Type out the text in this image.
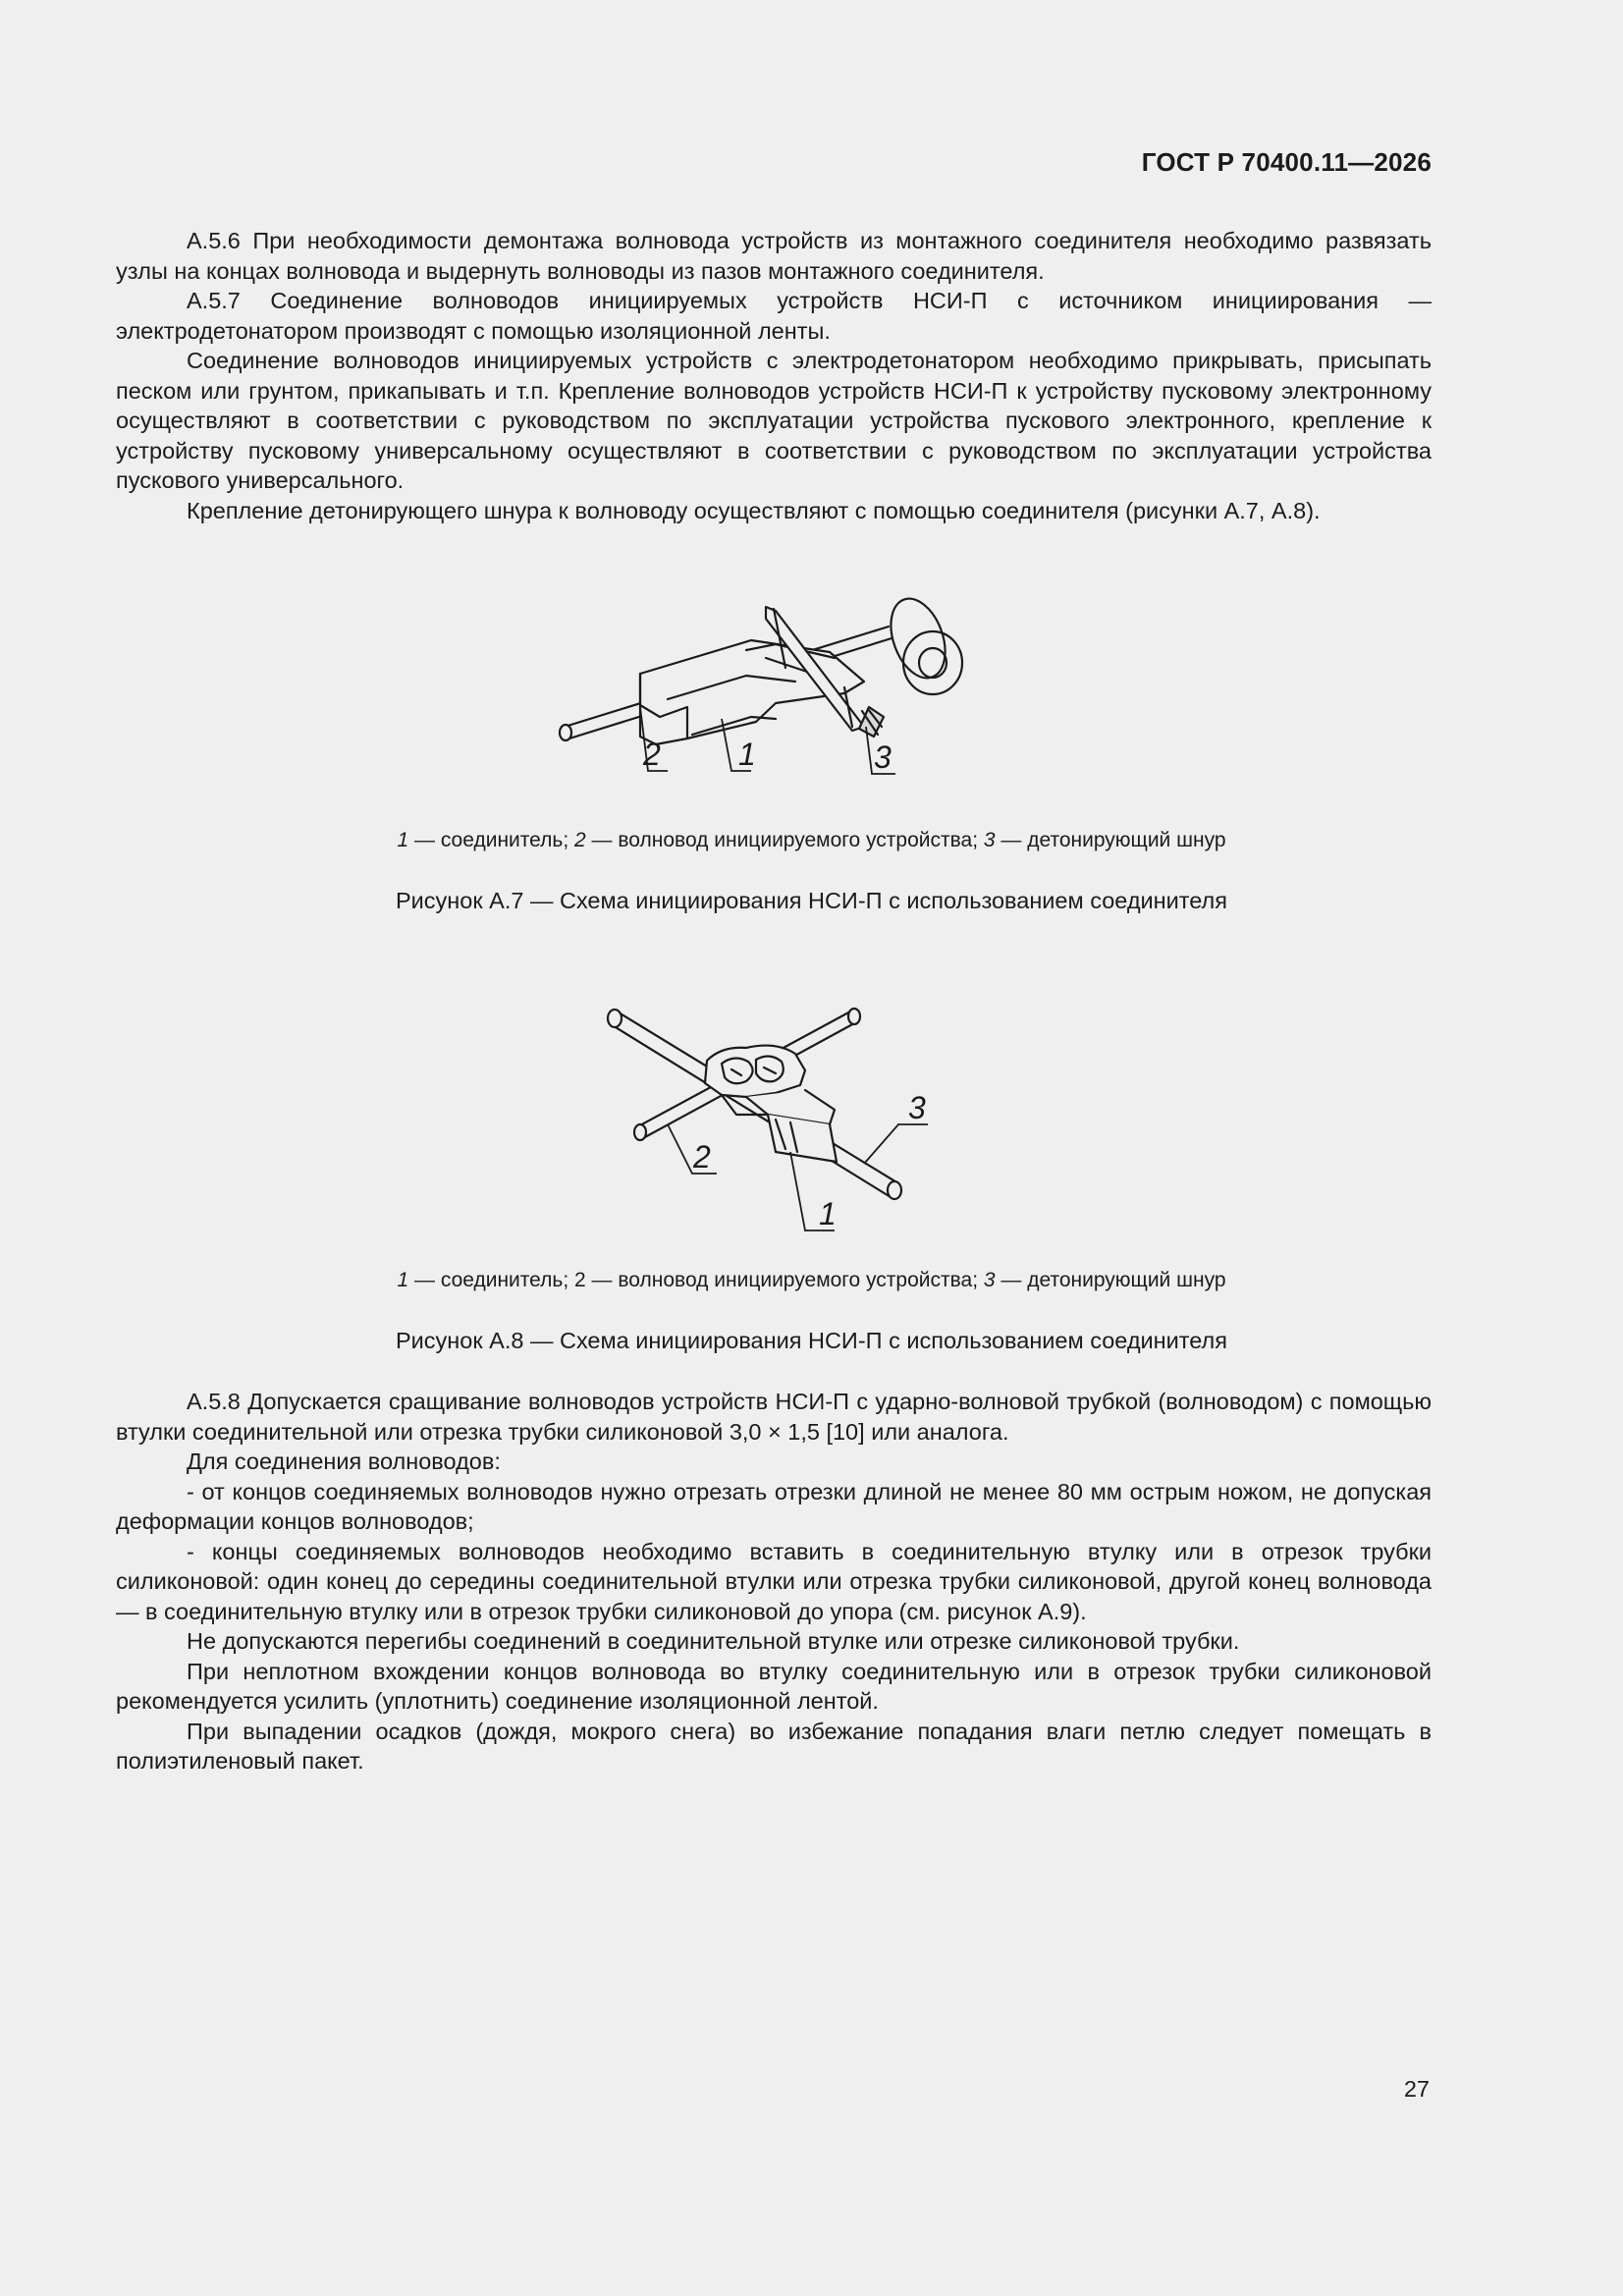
ГОСТ Р 70400.11—2026

А.5.6 При необходимости демонтажа волновода устройств из монтажного соединителя необходимо развязать узлы на концах волновода и выдернуть волноводы из пазов монтажного соединителя.

А.5.7 Соединение волноводов инициируемых устройств НСИ-П с источником инициирования — электродетонатором производят с помощью изоляционной ленты.

Соединение волноводов инициируемых устройств с электродетонатором необходимо прикрывать, присыпать песком или грунтом, прикапывать и т.п. Крепление волноводов устройств НСИ-П к устройству пусковому электронному осуществляют в соответствии с руководством по эксплуатации устройства пускового электронного, крепление к устройству пусковому универсальному осуществляют в соответствии с руководством по эксплуатации устройства пускового универсального.

Крепление детонирующего шнура к волноводу осуществляют с помощью соединителя (рисунки А.7, А.8).

2 1	3
1 — соединитель; 2 — волновод инициируемого устройства; 3 — детонирующий шнур
Рисунок А.7 — Схема инициирования НСИ-П с использованием соединителя
2
1
3
1 — соединитель; 2 — волновод инициируемого устройства; 3 — детонирующий шнур
Рисунок А.8 — Схема инициирования НСИ-П с использованием соединителя

А.5.8 Допускается сращивание волноводов устройств НСИ-П с ударно-волновой трубкой (волноводом) с помощью втулки соединительной или отрезка трубки силиконовой 3,0 × 1,5 [10] или аналога.

Для соединения волноводов:

- от концов соединяемых волноводов нужно отрезать отрезки длиной не менее 80 мм острым ножом, не допуская деформации концов волноводов;

- концы соединяемых волноводов необходимо вставить в соединительную втулку или в отрезок трубки силиконовой: один конец до середины соединительной втулки или отрезка трубки силиконовой, другой конец волновода — в соединительную втулку или в отрезок трубки силиконовой до упора (см. рисунок А.9).

Не допускаются перегибы соединений в соединительной втулке или отрезке силиконовой трубки.

При неплотном вхождении концов волновода во втулку соединительную или в отрезок трубки силиконовой рекомендуется усилить (уплотнить) соединение изоляционной лентой.

При выпадении осадков (дождя, мокрого снега) во избежание попадания влаги петлю следует помещать в полиэтиленовый пакет.

27
